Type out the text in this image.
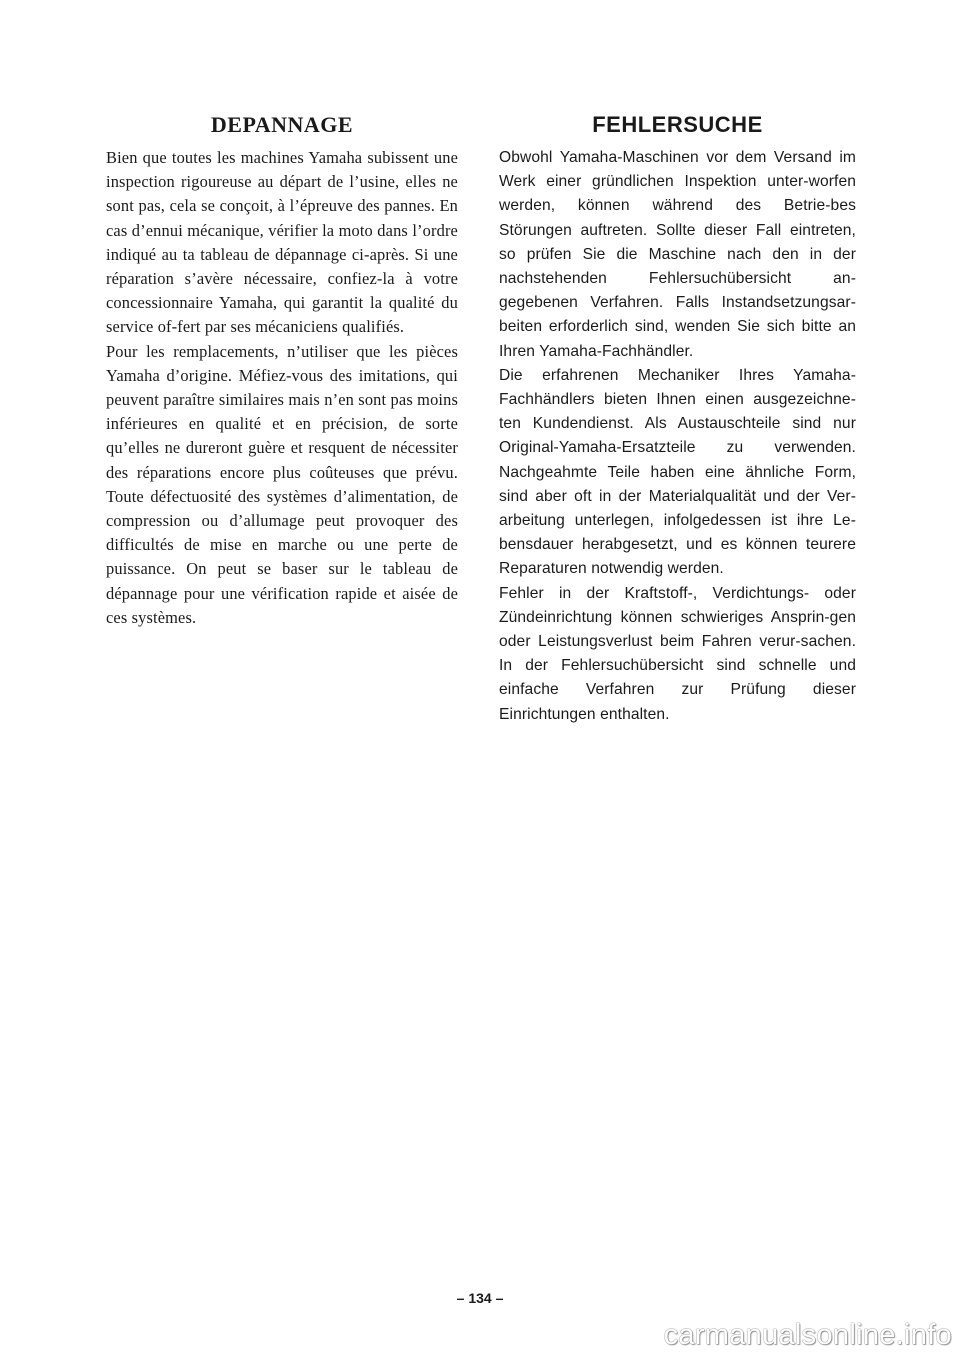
DEPANNAGE

Bien que toutes les machines Yamaha subissent une inspection rigoureuse au départ de l’usine, elles ne sont pas, cela se conçoit, à l’épreuve des pannes. En cas d’ennui mécanique, vérifier la moto dans l’ordre indiqué au ta tableau de dépannage ci-après. Si une réparation s’avère nécessaire, confiez-la à votre concessionnaire Yamaha, qui garantit la qualité du service of-fert par ses mécaniciens qualifiés.

Pour les remplacements, n’utiliser que les pièces Yamaha d’origine. Méfiez-vous des imitations, qui peuvent paraître similaires mais n’en sont pas moins inférieures en qualité et en précision, de sorte qu’elles ne dureront guère et resquent de nécessiter des réparations encore plus coûteuses que prévu. Toute défectuosité des systèmes d’alimentation, de compression ou d’allumage peut provoquer des difficultés de mise en marche ou une perte de puissance. On peut se baser sur le tableau de dépannage pour une vérification rapide et aisée de ces systèmes.

FEHLERSUCHE

Obwohl Yamaha-Maschinen vor dem Versand im Werk einer gründlichen Inspektion unter-worfen werden, können während des Betrie-bes Störungen auftreten. Sollte dieser Fall eintreten, so prüfen Sie die Maschine nach den in der nachstehenden Fehlersuchübersicht an-gegebenen Verfahren. Falls Instandsetzungsar-beiten erforderlich sind, wenden Sie sich bitte an Ihren Yamaha-Fachhändler.

Die erfahrenen Mechaniker Ihres Yamaha-Fachhändlers bieten Ihnen einen ausgezeichne-ten Kundendienst. Als Austauschteile sind nur Original-Yamaha-Ersatzteile zu verwenden. Nachgeahmte Teile haben eine ähnliche Form, sind aber oft in der Materialqualität und der Ver-arbeitung unterlegen, infolgedessen ist ihre Le-bensdauer herabgesetzt, und es können teurere Reparaturen notwendig werden.

Fehler in der Kraftstoff-, Verdichtungs- oder Zündeinrichtung können schwieriges Ansprin-gen oder Leistungsverlust beim Fahren verur-sachen. In der Fehlersuchübersicht sind schnelle und einfache Verfahren zur Prüfung dieser Einrichtungen enthalten.

– 134 –
carmanualsonline.info
